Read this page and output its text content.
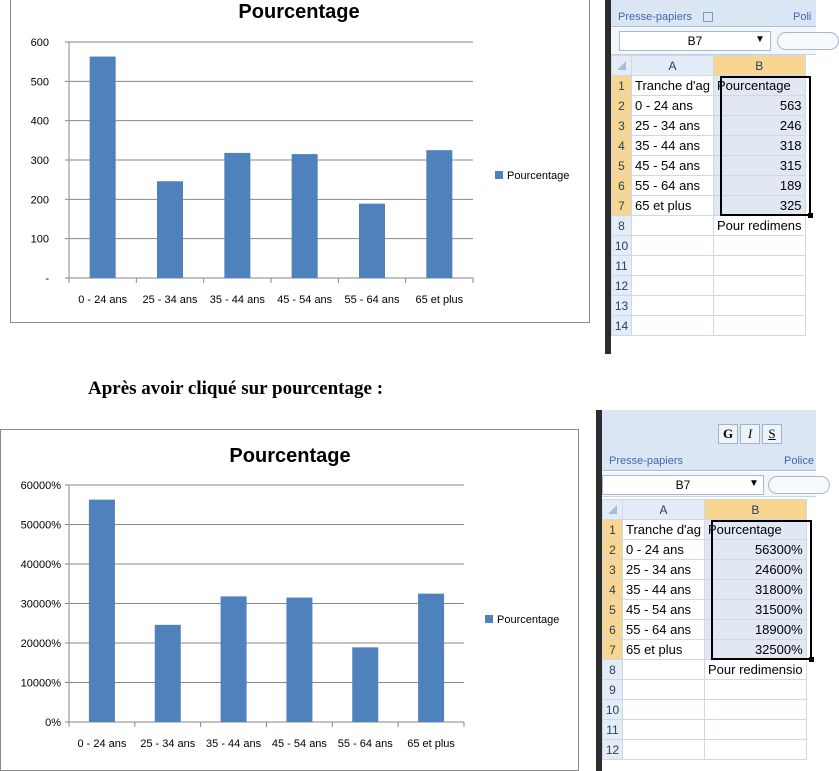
Pourcentage
-
100
200
300
400
500
600
0 - 24 ans 25 - 34 ans 35 - 44 ans 45 - 54 ans 55 - 64 ans 65 et plus
Pourcentage
Presse-papiers	Poli
B7	▼
	A	B
1	Tranche d'ag	Pourcentage
2	0 - 24 ans	563
3	25 - 34 ans	246
4	35 - 44 ans	318
5	45 - 54 ans	315
6	55 - 64 ans	189
7	65 et plus	325
8		Pour redimens
10		
11		
12		
13		
14		
Après avoir cliqué sur pourcentage :
Pourcentage
0%
10000%
20000%
30000%
40000%
50000%
60000%
0 - 24 ans 25 - 34 ans 35 - 44 ans 45 - 54 ans 55 - 64 ans 65 et plus
Pourcentage
G	I	S
Presse-papiers	Police
B7	▼
	A	B
1	Tranche d'ag	Pourcentage
2	0 - 24 ans	56300%
3	25 - 34 ans	24600%
4	35 - 44 ans	31800%
5	45 - 54 ans	31500%
6	55 - 64 ans	18900%
7	65 et plus	32500%
8		Pour redimensio
9		
10		
11		
12		
